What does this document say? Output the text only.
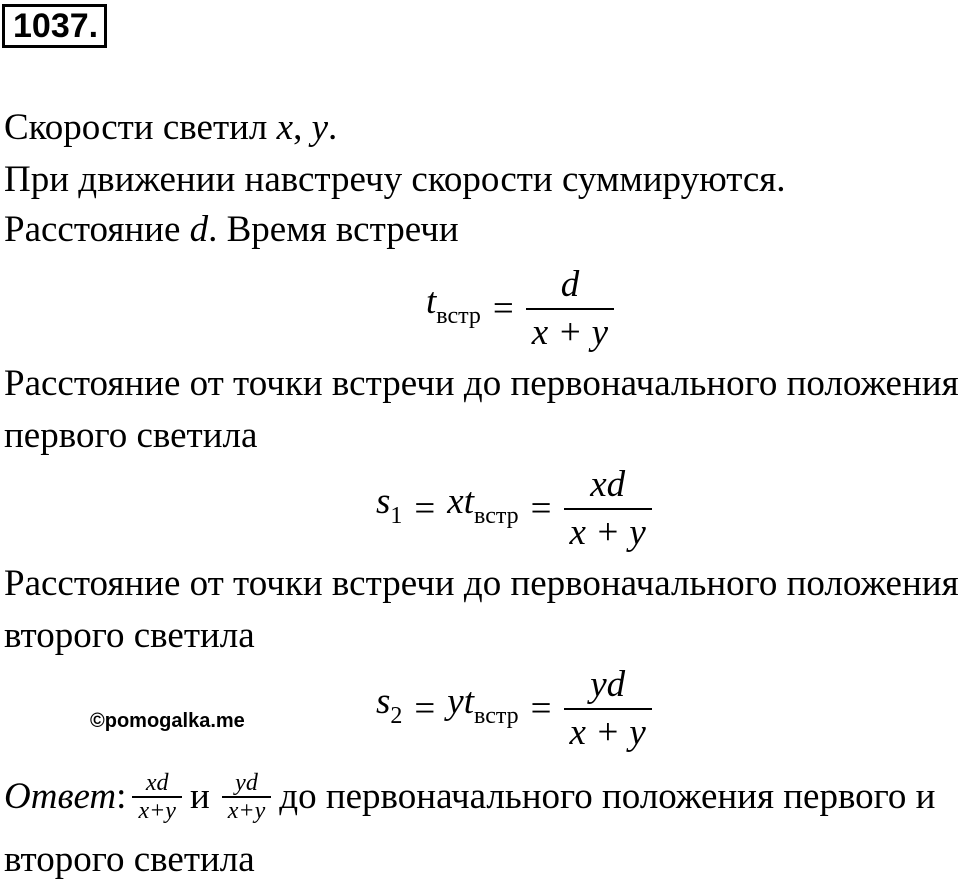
1037.
Скорости светил x, y.
При движении навстречу скорости суммируются.
Расстояние d. Время встречи
$t_{встр} = \frac{d}{x + y}$
Расстояние от точки встречи до первоначального положения
первого светила
$s_1 = xt_{встр} = \frac{xd}{x + y}$
Расстояние от точки встречи до первоначального положения
второго светила
©pomogalka.me	$s_2 = yt_{встр} = \frac{yd}{x + y}$
Ответ : $\frac{xd}{x+y}$ и $\frac{yd}{x+y}$ до первоначального положения первого и
второго светила
